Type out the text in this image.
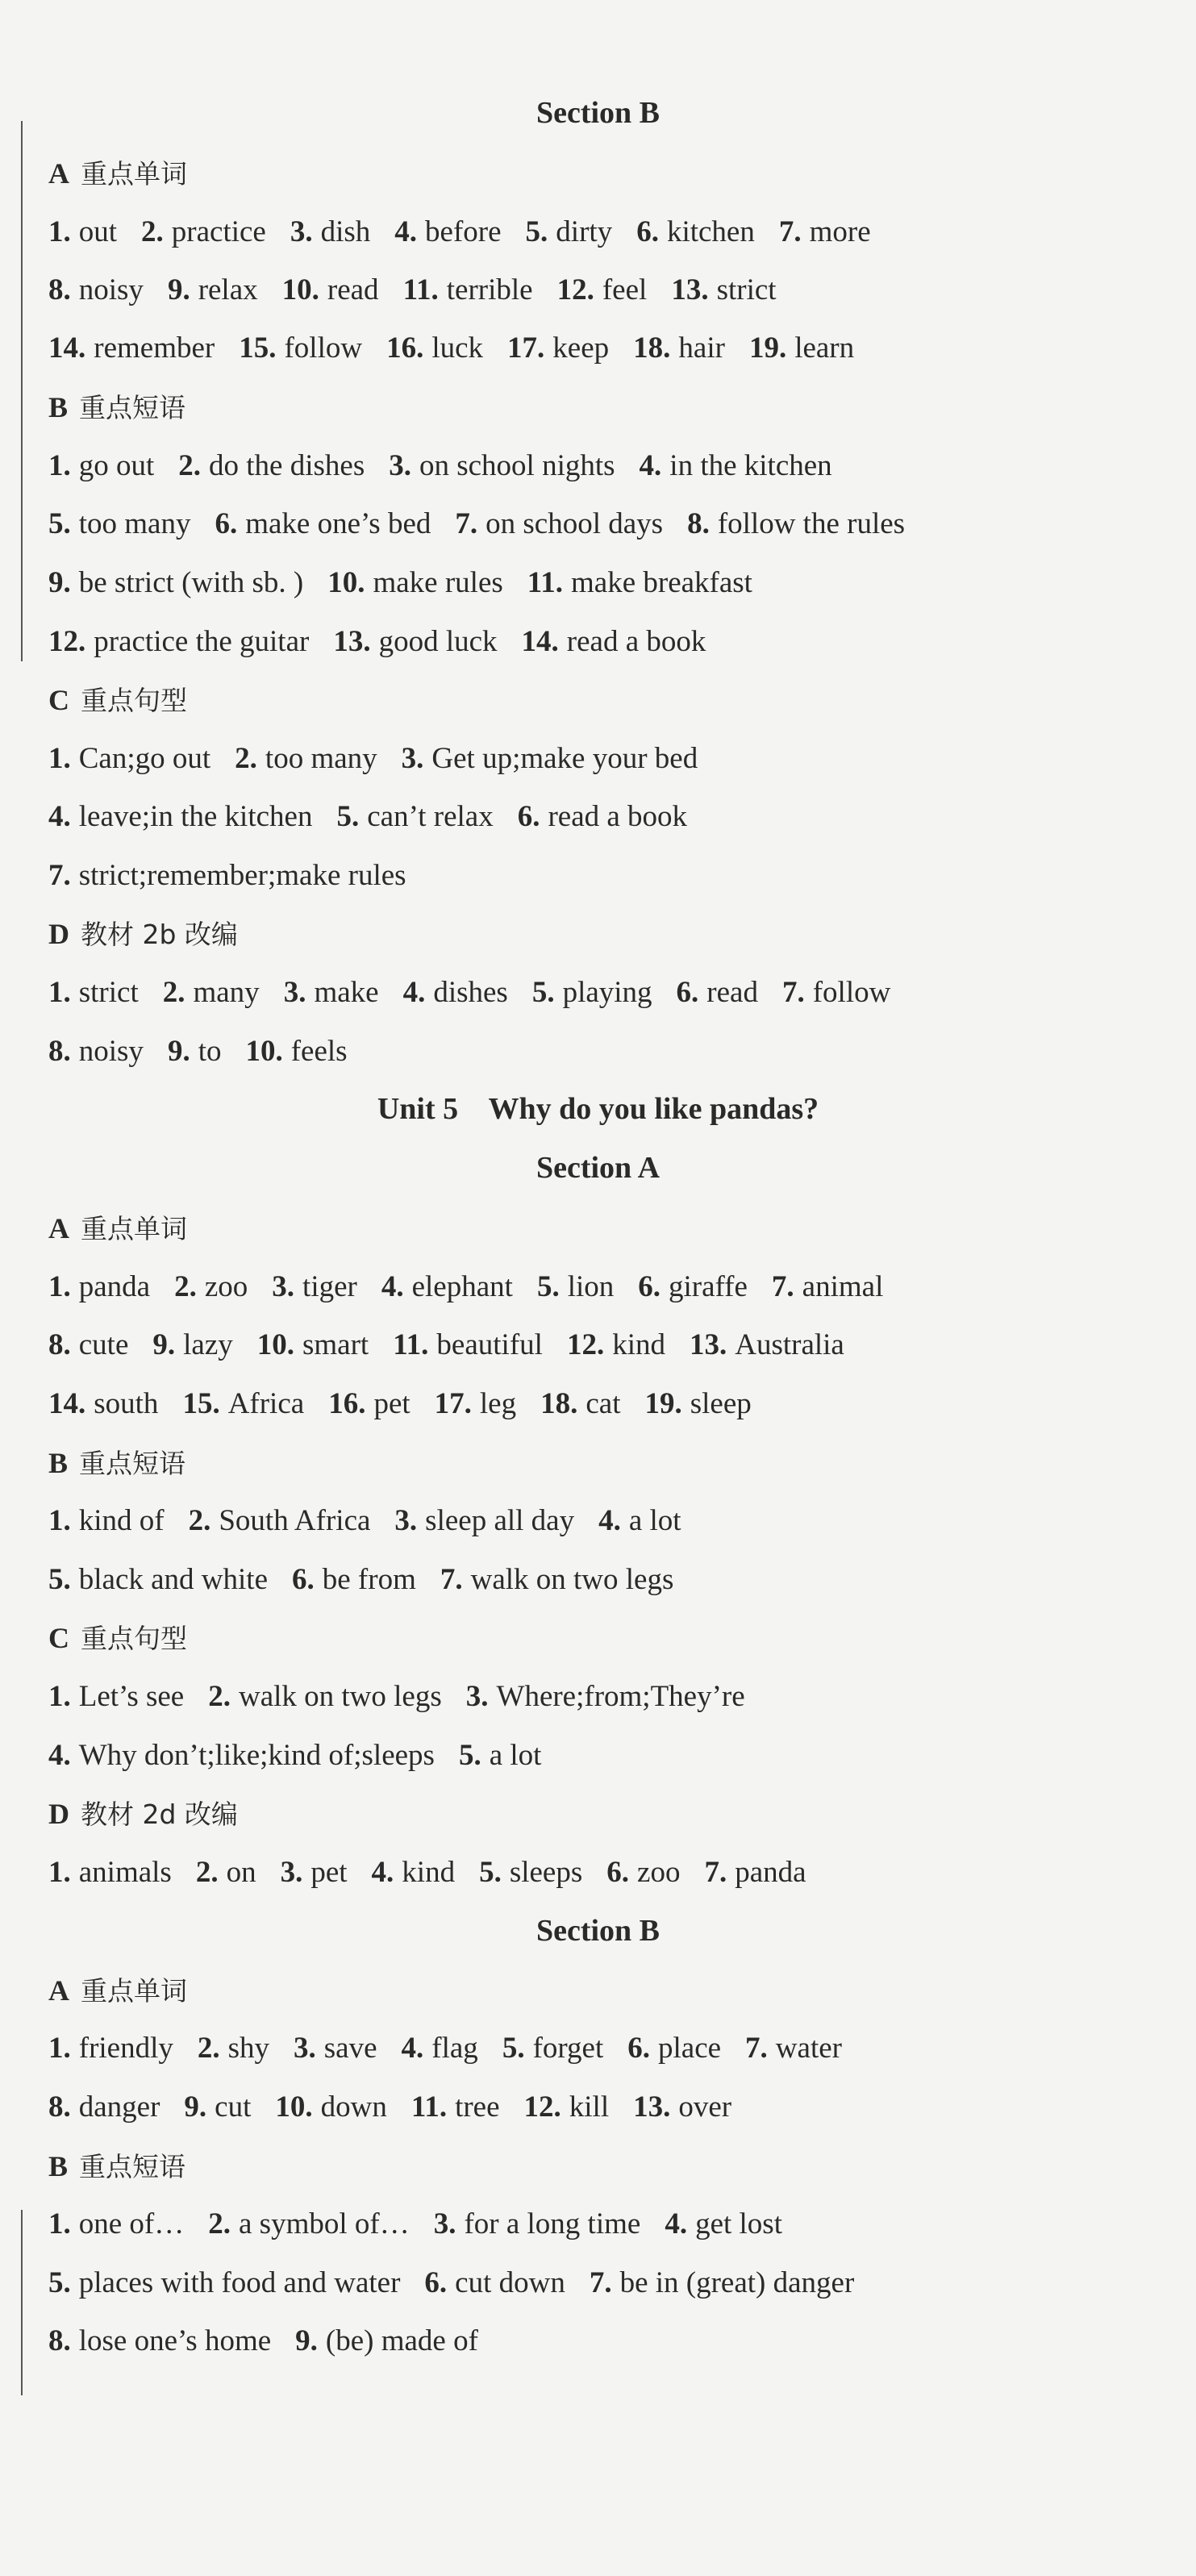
Section B
A 重点单词
1. out 2. practice 3. dish 4. before 5. dirty 6. kitchen 7. more
8. noisy 9. relax 10. read 11. terrible 12. feel 13. strict
14. remember 15. follow 16. luck 17. keep 18. hair 19. learn
B 重点短语
1. go out 2. do the dishes 3. on school nights 4. in the kitchen
5. too many 6. make one’s bed 7. on school days 8. follow the rules
9. be strict (with sb. ) 10. make rules 11. make breakfast
12. practice the guitar 13. good luck 14. read a book
C 重点句型
1. Can;go out 2. too many 3. Get up;make your bed
4. leave;in the kitchen 5. can’t relax 6. read a book
7. strict;remember;make rules
D 教材 2b 改编
1. strict 2. many 3. make 4. dishes 5. playing 6. read 7. follow
8. noisy 9. to 10. feels
Unit 5    Why do you like pandas?
Section A
A 重点单词
1. panda 2. zoo 3. tiger 4. elephant 5. lion 6. giraffe 7. animal
8. cute 9. lazy 10. smart 11. beautiful 12. kind 13. Australia
14. south 15. Africa 16. pet 17. leg 18. cat 19. sleep
B 重点短语
1. kind of 2. South Africa 3. sleep all day 4. a lot
5. black and white 6. be from 7. walk on two legs
C 重点句型
1. Let’s see 2. walk on two legs 3. Where;from;They’re
4. Why don’t;like;kind of;sleeps 5. a lot
D 教材 2d 改编
1. animals 2. on 3. pet 4. kind 5. sleeps 6. zoo 7. panda
Section B
A 重点单词
1. friendly 2. shy 3. save 4. flag 5. forget 6. place 7. water
8. danger 9. cut 10. down 11. tree 12. kill 13. over
B 重点短语
1. one of… 2. a symbol of… 3. for a long time 4. get lost
5. places with food and water 6. cut down 7. be in (great) danger
8. lose one’s home 9. (be) made of
